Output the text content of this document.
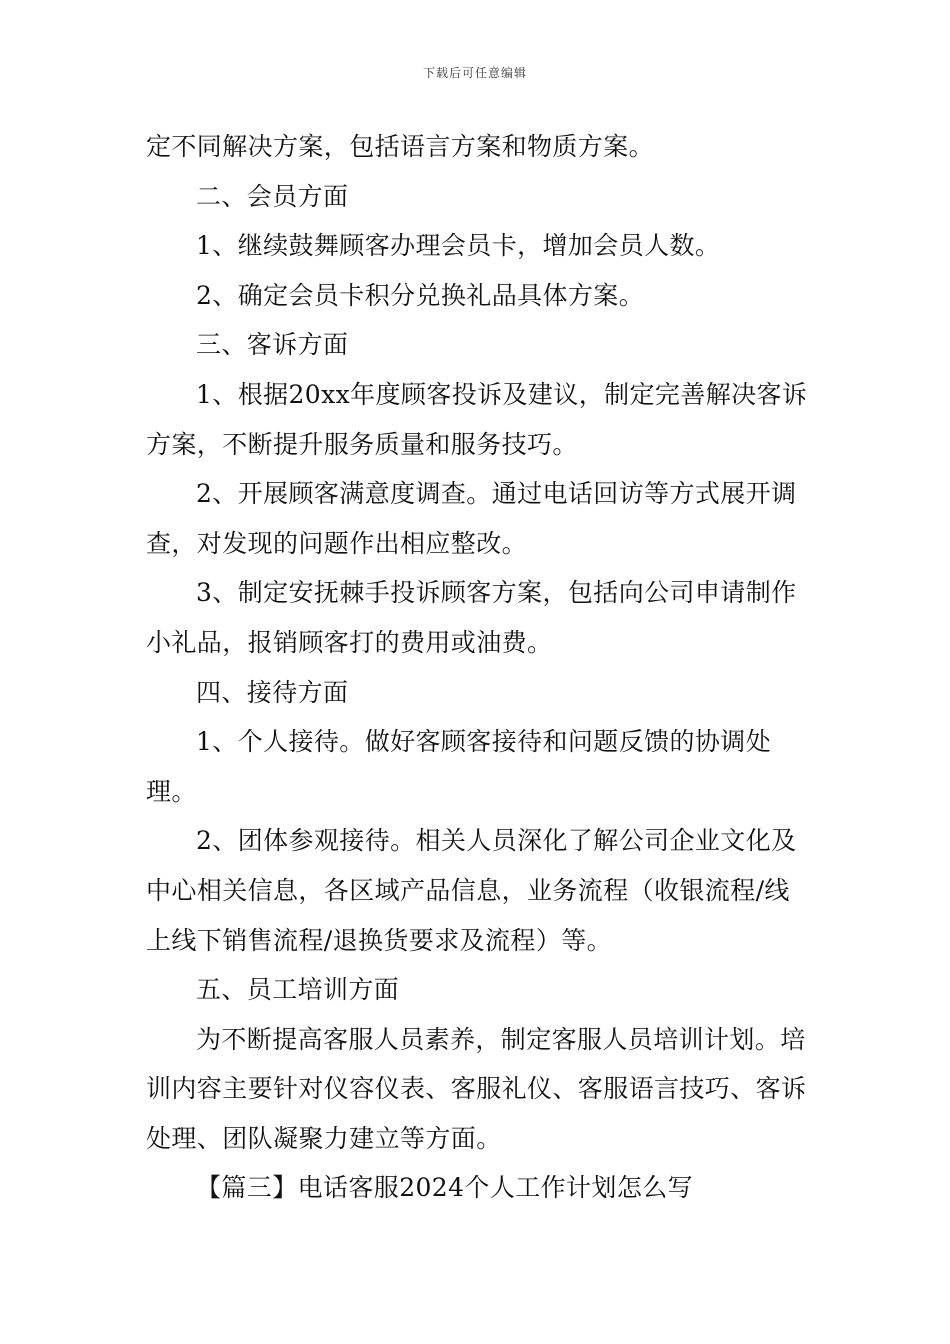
下载后可任意编辑

定不同解决方案，包括语言方案和物质方案。

二、会员方面

1、继续鼓舞顾客办理会员卡，增加会员人数。

2、确定会员卡积分兑换礼品具体方案。

三、客诉方面

1、根据20xx年度顾客投诉及建议，制定完善解决客诉方案，不断提升服务质量和服务技巧。

2、开展顾客满意度调查。通过电话回访等方式展开调查，对发现的问题作出相应整改。

3、制定安抚棘手投诉顾客方案，包括向公司申请制作小礼品，报销顾客打的费用或油费。

四、接待方面

1、个人接待。做好客顾客接待和问题反馈的协调处理。

2、团体参观接待。相关人员深化了解公司企业文化及中心相关信息，各区域产品信息，业务流程（收银流程/线上线下销售流程/退换货要求及流程）等。

五、员工培训方面

为不断提高客服人员素养，制定客服人员培训计划。培训内容主要针对仪容仪表、客服礼仪、客服语言技巧、客诉处理、团队凝聚力建立等方面。

【篇三】电话客服2024个人工作计划怎么写
